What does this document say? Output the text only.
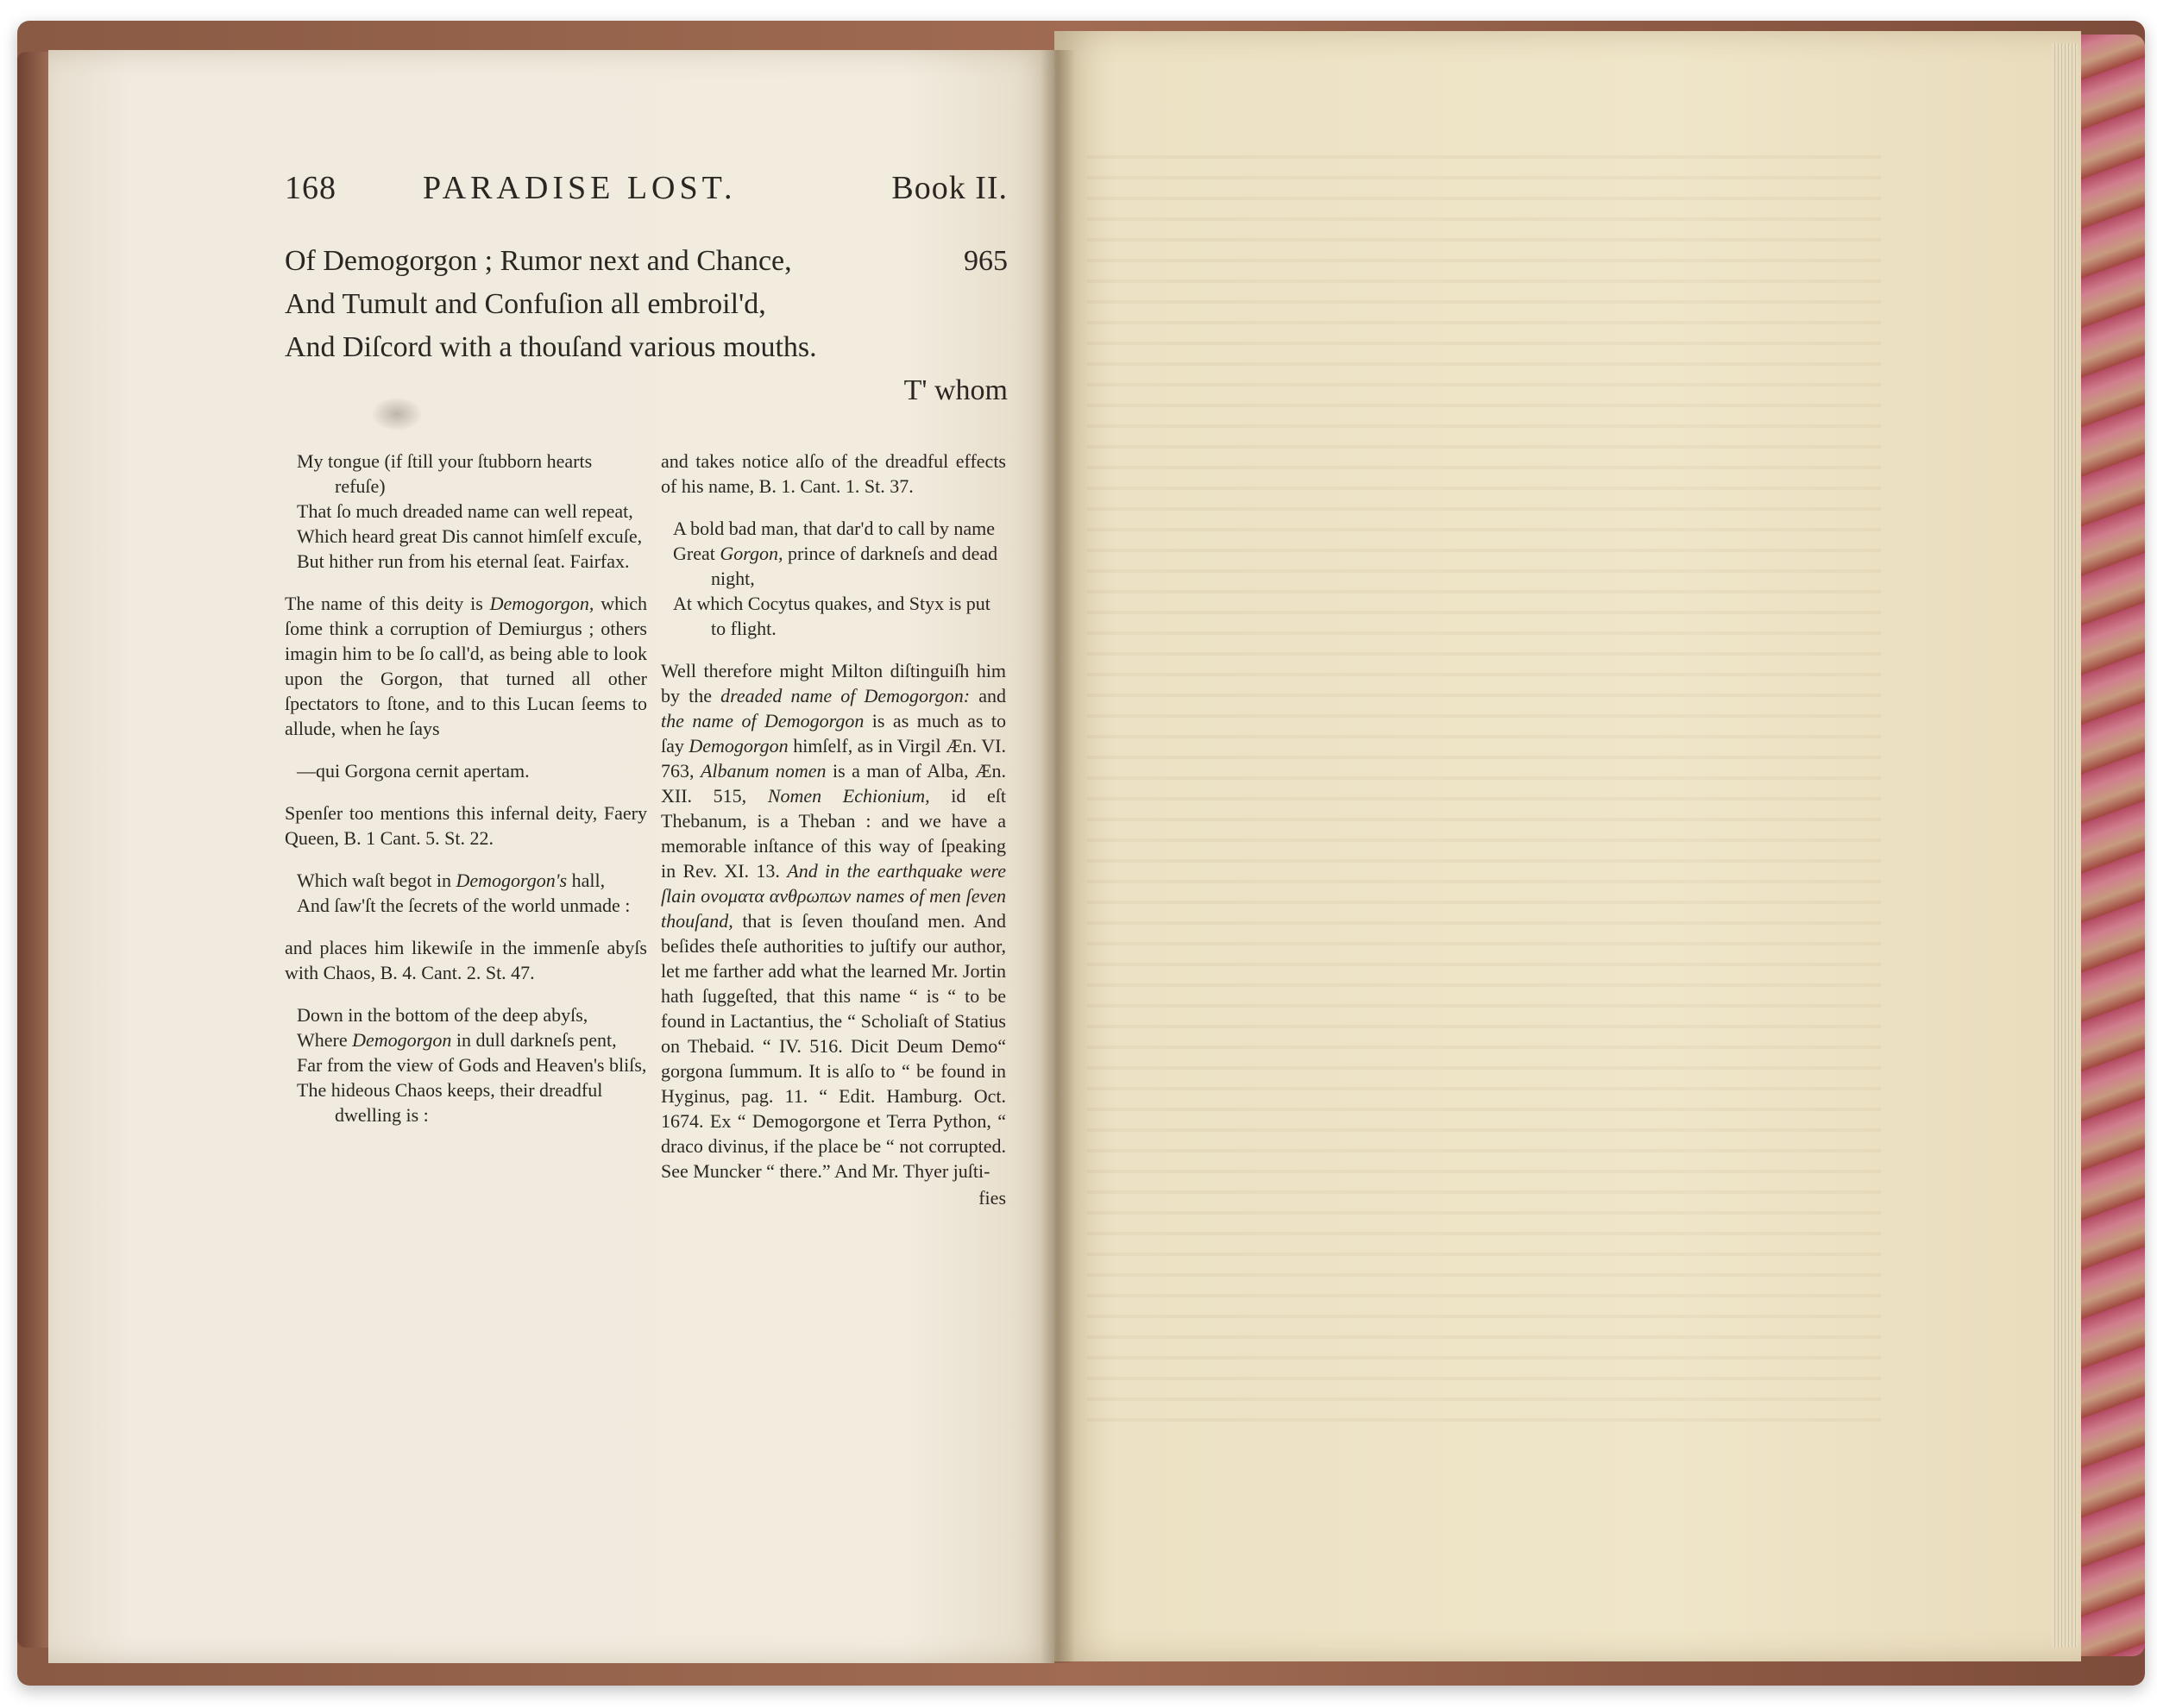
168	PARADISE LOST.	Book II.
Of Demogorgon ; Rumor next and Chance,	965
And Tumult and Confuſion all embroil'd,
And Diſcord with a thouſand various mouths.
T' whom

My tongue (if ſtill your ſtubborn hearts refuſe)

That ſo much dreaded name can well repeat,

Which heard great Dis cannot himſelf excuſe,

But hither run from his eternal ſeat. Fairfax.

The name of this deity is Demogorgon, which ſome think a corruption of Demiurgus ; others imagin him to be ſo call'd, as being able to look upon the Gorgon, that turned all other ſpectators to ſtone, and to this Lucan ſeems to allude, when he ſays

—qui Gorgona cernit apertam.

Spenſer too mentions this infernal deity, Faery Queen, B. 1 Cant. 5. St. 22.

Which waſt begot in Demogorgon's hall,

And ſaw'ſt the ſecrets of the world unmade :

and places him likewiſe in the immenſe abyſs with Chaos, B. 4. Cant. 2. St. 47.

Down in the bottom of the deep abyſs,

Where Demogorgon in dull darkneſs pent,

Far from the view of Gods and Heaven's bliſs,

The hideous Chaos keeps, their dreadful dwelling is :

and takes notice alſo of the dreadful effects of his name, B. 1. Cant. 1. St. 37.

A bold bad man, that dar'd to call by name

Great Gorgon, prince of darkneſs and dead night,

At which Cocytus quakes, and Styx is put to flight.

Well therefore might Milton diſtinguiſh him by the dreaded name of Demogorgon: and the name of Demogorgon is as much as to ſay Demogorgon himſelf, as in Virgil Æn. VI. 763, Albanum nomen is a man of Alba, Æn. XII. 515, Nomen Echionium, id eſt Thebanum, is a Theban : and we have a memorable inſtance of this way of ſpeaking in Rev. XI. 13. And in the earthquake were ſlain ονοματα ανθρωπων names of men ſeven thouſand, that is ſeven thouſand men. And beſides theſe authorities to juſtify our author, let me farther add what the learned Mr. Jortin hath ſuggeſted, that this name “ is “ to be found in Lactantius, the “ Scholiaſt of Statius on Thebaid. “ IV. 516. Dicit Deum Demo“ gorgona ſummum. It is alſo to “ be found in Hyginus, pag. 11. “ Edit. Hamburg. Oct. 1674. Ex “ Demogorgone et Terra Python, “ draco divinus, if the place be “ not corrupted. See Muncker “ there.” And Mr. Thyer juſti-

fies
